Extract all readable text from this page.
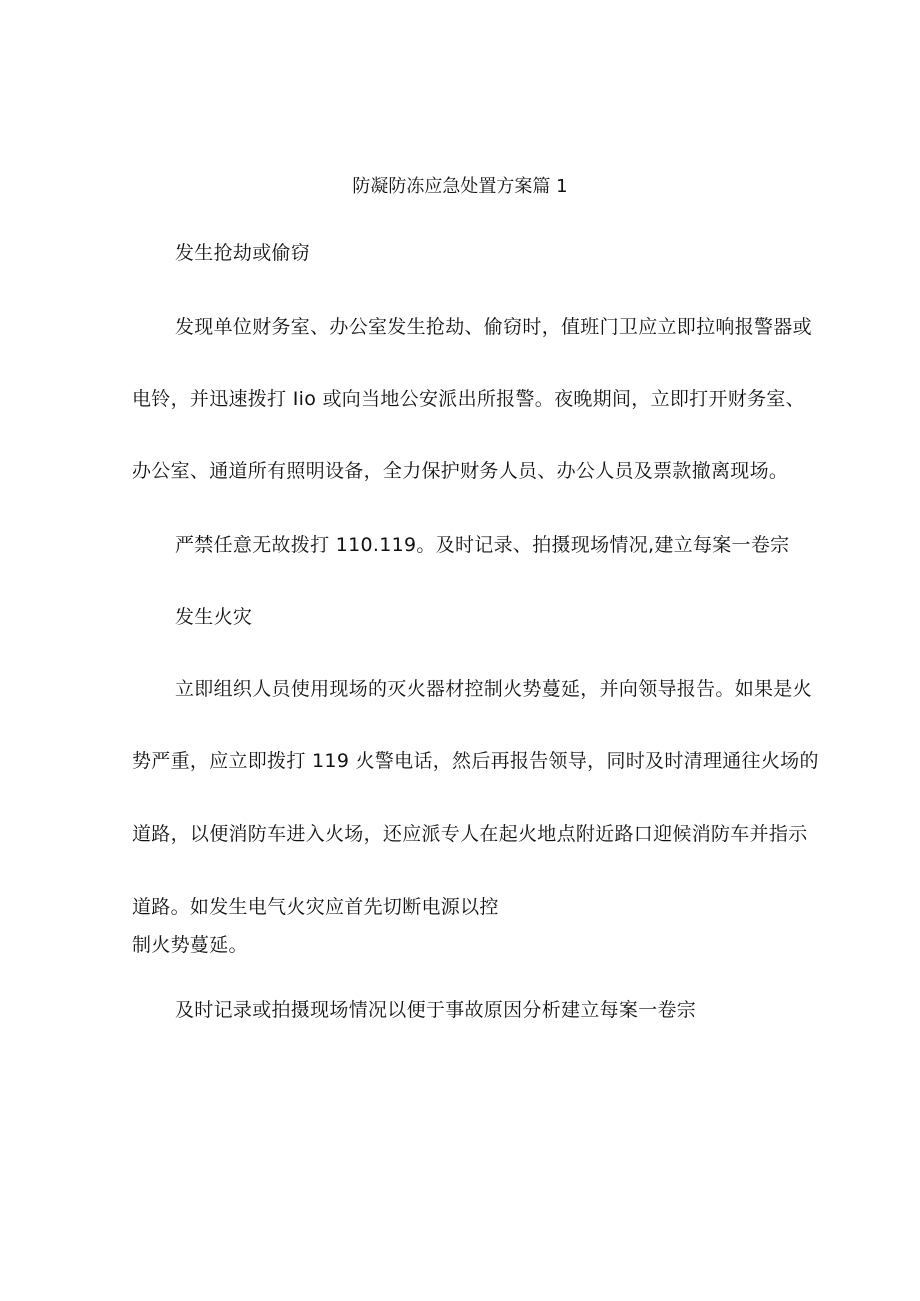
防凝防冻应急处置方案篇 1
发生抢劫或偷窃
发现单位财务室、办公室发生抢劫、偷窃时，值班门卫应立即拉响报警器或
电铃，并迅速拨打 Iio 或向当地公安派出所报警。夜晚期间，立即打开财务室、
办公室、通道所有照明设备，全力保护财务人员、办公人员及票款撤离现场。
严禁任意无故拨打 110.119。及时记录、拍摄现场情况,建立每案一卷宗
发生火灾
立即组织人员使用现场的灭火器材控制火势蔓延，并向领导报告。如果是火
势严重，应立即拨打 119 火警电话，然后再报告领导，同时及时清理通往火场的
道路，以便消防车进入火场，还应派专人在起火地点附近路口迎候消防车并指示
道路。如发生电气火灾应首先切断电源以控
制火势蔓延。
及时记录或拍摄现场情况以便于事故原因分析建立每案一卷宗
